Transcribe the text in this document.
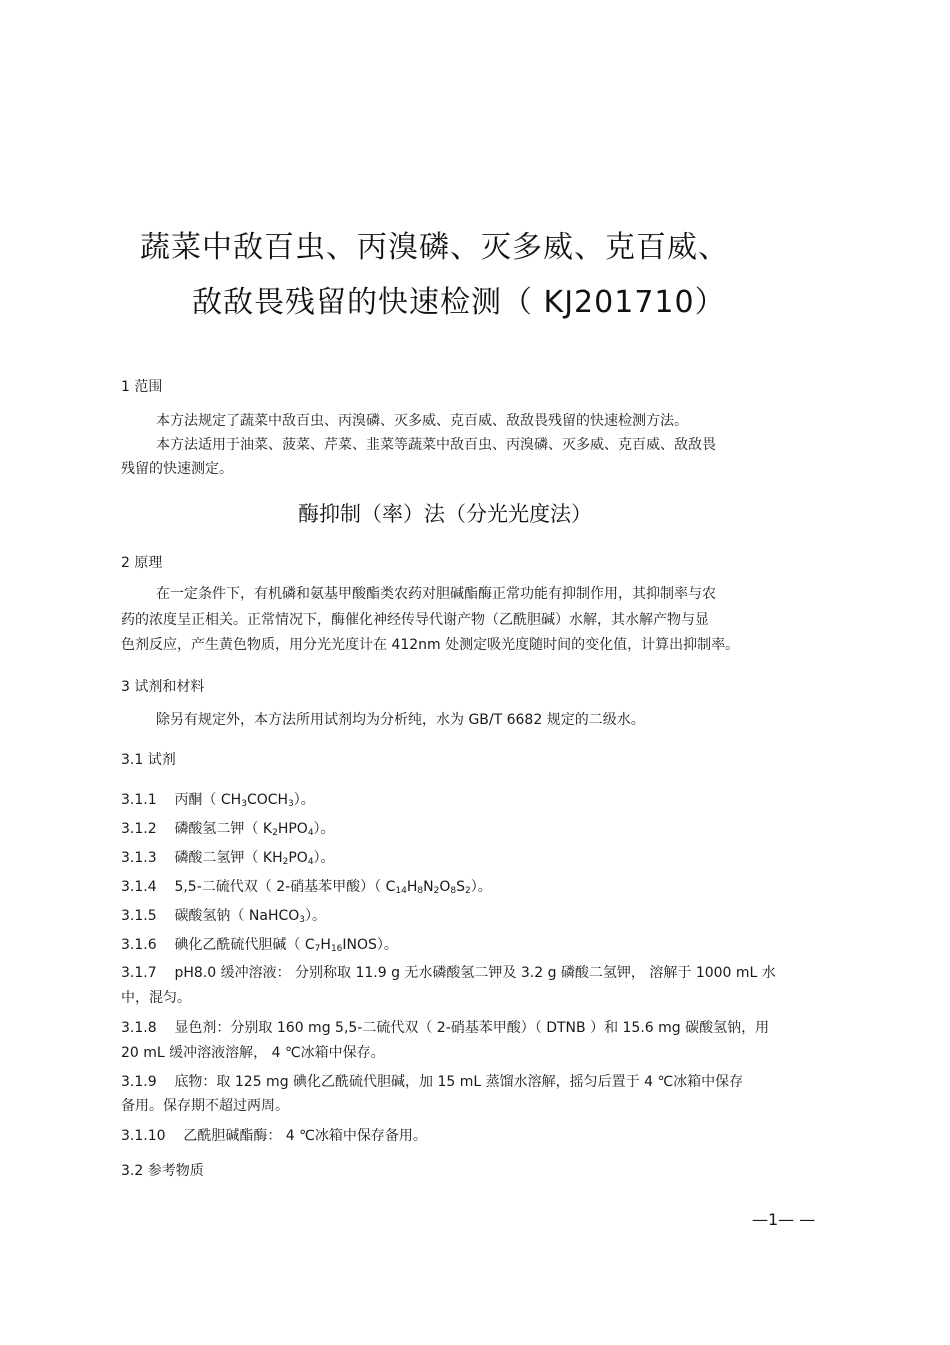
蔬菜中敌百虫、丙溴磷、灭多威、克百威、
敌敌畏残留的快速检测（ KJ201710）
1 范围
本方法规定了蔬菜中敌百虫、丙溴磷、灭多威、克百威、敌敌畏残留的快速检测方法。
本方法适用于油菜、菠菜、芹菜、韭菜等蔬菜中敌百虫、丙溴磷、灭多威、克百威、敌敌畏
残留的快速测定。
酶抑制（率）法（分光光度法）
2 原理
在一定条件下，有机磷和氨基甲酸酯类农药对胆碱酯酶正常功能有抑制作用，其抑制率与农
药的浓度呈正相关。正常情况下，酶催化神经传导代谢产物（乙酰胆碱）水解，其水解产物与显
色剂反应，产生黄色物质，用分光光度计在 412nm 处测定吸光度随时间的变化值，计算出抑制率。
3 试剂和材料
除另有规定外，本方法所用试剂均为分析纯，水为 GB/T 6682 规定的二级水。
3.1 试剂
3.1.1 丙酮（ $CH_3COCH_3$）。
3.1.2 磷酸氢二钾（ $K_2HPO_4$）。
3.1.3 磷酸二氢钾（ $KH_2PO_4$）。
3.1.4 5,5-二硫代双（ 2-硝基苯甲酸）（ $C_{14}H_8N_2O_8S_2$）。
3.1.5 碳酸氢钠（ NaHCO$_3$）。
3.1.6 碘化乙酰硫代胆碱（ $C_7H_{16}INOS$）。
3.1.7 pH8.0 缓冲溶液： 分别称取 11.9 g 无水磷酸氢二钾及 3.2 g 磷酸二氢钾， 溶解于 1000 mL 水
中，混匀。
3.1.8 显色剂：分别取 160 mg 5,5-二硫代双（ 2-硝基苯甲酸）（ DTNB ）和 15.6 mg 碳酸氢钠，用
20 mL 缓冲溶液溶解， 4 ℃冰箱中保存。
3.1.9 底物：取 125 mg 碘化乙酰硫代胆碱，加 15 mL 蒸馏水溶解，摇匀后置于 4 ℃冰箱中保存
备用。保存期不超过两周。
3.1.10 乙酰胆碱酯酶： 4 ℃冰箱中保存备用。
3.2 参考物质
—1— —
